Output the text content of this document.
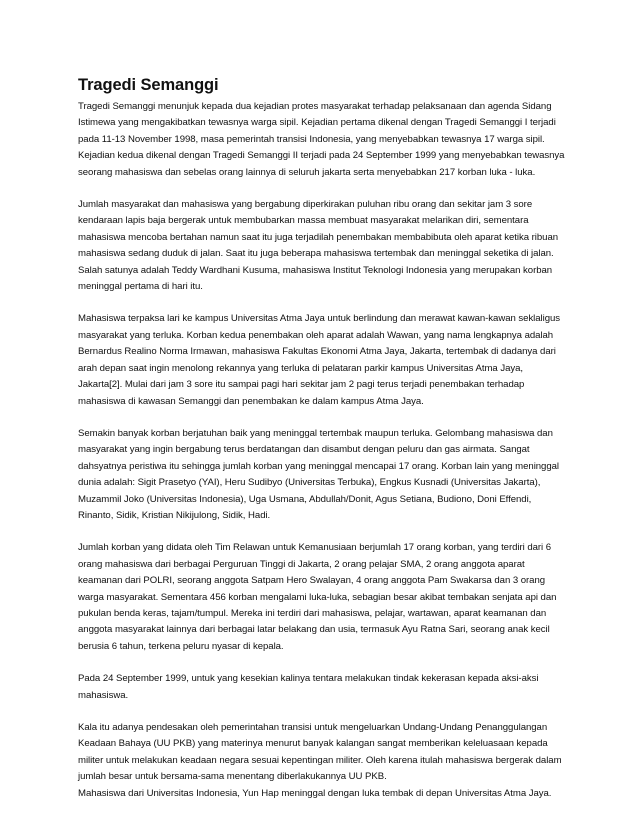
Tragedi Semanggi

Tragedi Semanggi menunjuk kepada dua kejadian protes masyarakat terhadap pelaksanaan dan agenda Sidang Istimewa yang mengakibatkan tewasnya warga sipil. Kejadian pertama dikenal dengan Tragedi Semanggi I terjadi pada 11-13 November 1998, masa pemerintah transisi Indonesia, yang menyebabkan tewasnya 17 warga sipil. Kejadian kedua dikenal dengan Tragedi Semanggi II terjadi pada 24 September 1999 yang menyebabkan tewasnya seorang mahasiswa dan sebelas orang lainnya di seluruh jakarta serta menyebabkan 217 korban luka - luka.

Jumlah masyarakat dan mahasiswa yang bergabung diperkirakan puluhan ribu orang dan sekitar jam 3 sore kendaraan lapis baja bergerak untuk membubarkan massa membuat masyarakat melarikan diri, sementara mahasiswa mencoba bertahan namun saat itu juga terjadilah penembakan membabibuta oleh aparat ketika ribuan mahasiswa sedang duduk di jalan. Saat itu juga beberapa mahasiswa tertembak dan meninggal seketika di jalan. Salah satunya adalah Teddy Wardhani Kusuma, mahasiswa Institut Teknologi Indonesia yang merupakan korban meninggal pertama di hari itu.

Mahasiswa terpaksa lari ke kampus Universitas Atma Jaya untuk berlindung dan merawat kawan-kawan seklaligus masyarakat yang terluka. Korban kedua penembakan oleh aparat adalah Wawan, yang nama lengkapnya adalah Bernardus Realino Norma Irmawan, mahasiswa Fakultas Ekonomi Atma Jaya, Jakarta, tertembak di dadanya dari arah depan saat ingin menolong rekannya yang terluka di pelataran parkir kampus Universitas Atma Jaya, Jakarta[2]. Mulai dari jam 3 sore itu sampai pagi hari sekitar jam 2 pagi terus terjadi penembakan terhadap mahasiswa di kawasan Semanggi dan penembakan ke dalam kampus Atma Jaya.

Semakin banyak korban berjatuhan baik yang meninggal tertembak maupun terluka. Gelombang mahasiswa dan masyarakat yang ingin bergabung terus berdatangan dan disambut dengan peluru dan gas airmata. Sangat dahsyatnya peristiwa itu sehingga jumlah korban yang meninggal mencapai 17 orang. Korban lain yang meninggal dunia adalah: Sigit Prasetyo (YAI), Heru Sudibyo (Universitas Terbuka), Engkus Kusnadi (Universitas Jakarta), Muzammil Joko (Universitas Indonesia), Uga Usmana, Abdullah/Donit, Agus Setiana, Budiono, Doni Effendi, Rinanto, Sidik, Kristian Nikijulong, Sidik, Hadi.

Jumlah korban yang didata oleh Tim Relawan untuk Kemanusiaan berjumlah 17 orang korban, yang terdiri dari 6 orang mahasiswa dari berbagai Perguruan Tinggi di Jakarta, 2 orang pelajar SMA, 2 orang anggota aparat keamanan dari POLRI, seorang anggota Satpam Hero Swalayan, 4 orang anggota Pam Swakarsa dan 3 orang warga masyarakat. Sementara 456 korban mengalami luka-luka, sebagian besar akibat tembakan senjata api dan pukulan benda keras, tajam/tumpul. Mereka ini terdiri dari mahasiswa, pelajar, wartawan, aparat keamanan dan anggota masyarakat lainnya dari berbagai latar belakang dan usia, termasuk Ayu Ratna Sari, seorang anak kecil berusia 6 tahun, terkena peluru nyasar di kepala.

Pada 24 September 1999, untuk yang kesekian kalinya tentara melakukan tindak kekerasan kepada aksi-aksi mahasiswa.

Kala itu adanya pendesakan oleh pemerintahan transisi untuk mengeluarkan Undang-Undang Penanggulangan Keadaan Bahaya (UU PKB) yang materinya menurut banyak kalangan sangat memberikan keleluasaan kepada militer untuk melakukan keadaan negara sesuai kepentingan militer. Oleh karena itulah mahasiswa bergerak dalam jumlah besar untuk bersama-sama menentang diberlakukannya UU PKB.

Mahasiswa dari Universitas Indonesia, Yun Hap meninggal dengan luka tembak di depan Universitas Atma Jaya.
